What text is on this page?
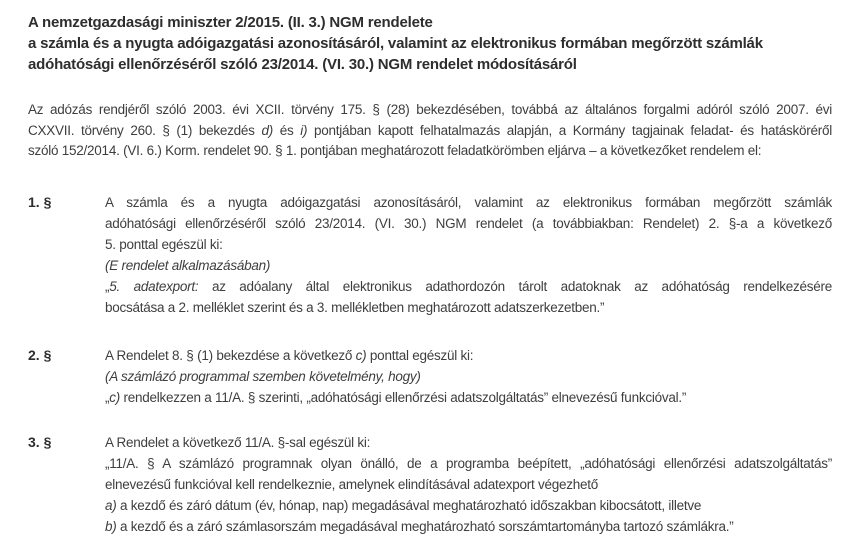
A nemzetgazdasági miniszter 2/2015. (II. 3.) NGM rendelete
a számla és a nyugta adóigazgatási azonosításáról, valamint az elektronikus formában megőrzött számlák
adóhatósági ellenőrzéséről szóló 23/2014. (VI. 30.) NGM rendelet módosításáról
Az adózás rendjéről szóló 2003. évi XCII. törvény 175. § (28) bekezdésében, továbbá az általános forgalmi adóról szóló 2007. évi
CXXVII. törvény 260. § (1) bekezdés d) és i) pontjában kapott felhatalmazás alapján, a Kormány tagjainak feladat- és hatásköréről
szóló 152/2014. (VI. 6.) Korm. rendelet 90. § 1. pontjában meghatározott feladatkörömben eljárva – a következőket rendelem el:
1. §	A számla és a nyugta adóigazgatási azonosításáról, valamint az elektronikus formában megőrzött számlák
adóhatósági ellenőrzéséről szóló 23/2014. (VI. 30.) NGM rendelet (a továbbiakban: Rendelet) 2. §-a a következő
5. ponttal egészül ki:
(E rendelet alkalmazásában)
„5. adatexport: az adóalany által elektronikus adathordozón tárolt adatoknak az adóhatóság rendelkezésére
bocsátása a 2. melléklet szerint és a 3. mellékletben meghatározott adatszerkezetben.”
2. §	A Rendelet 8. § (1) bekezdése a következő c) ponttal egészül ki:
(A számlázó programmal szemben követelmény, hogy)
„c) rendelkezzen a 11/A. § szerinti, „adóhatósági ellenőrzési adatszolgáltatás” elnevezésű funkcióval.”
3. §	A Rendelet a következő 11/A. §-sal egészül ki:
„11/A. § A számlázó programnak olyan önálló, de a programba beépített, „adóhatósági ellenőrzési adatszolgáltatás”
elnevezésű funkcióval kell rendelkeznie, amelynek elindításával adatexport végezhető
a) a kezdő és záró dátum (év, hónap, nap) megadásával meghatározható időszakban kibocsátott, illetve
b) a kezdő és a záró számlasorszám megadásával meghatározható sorszámtartományba tartozó számlákra.”
